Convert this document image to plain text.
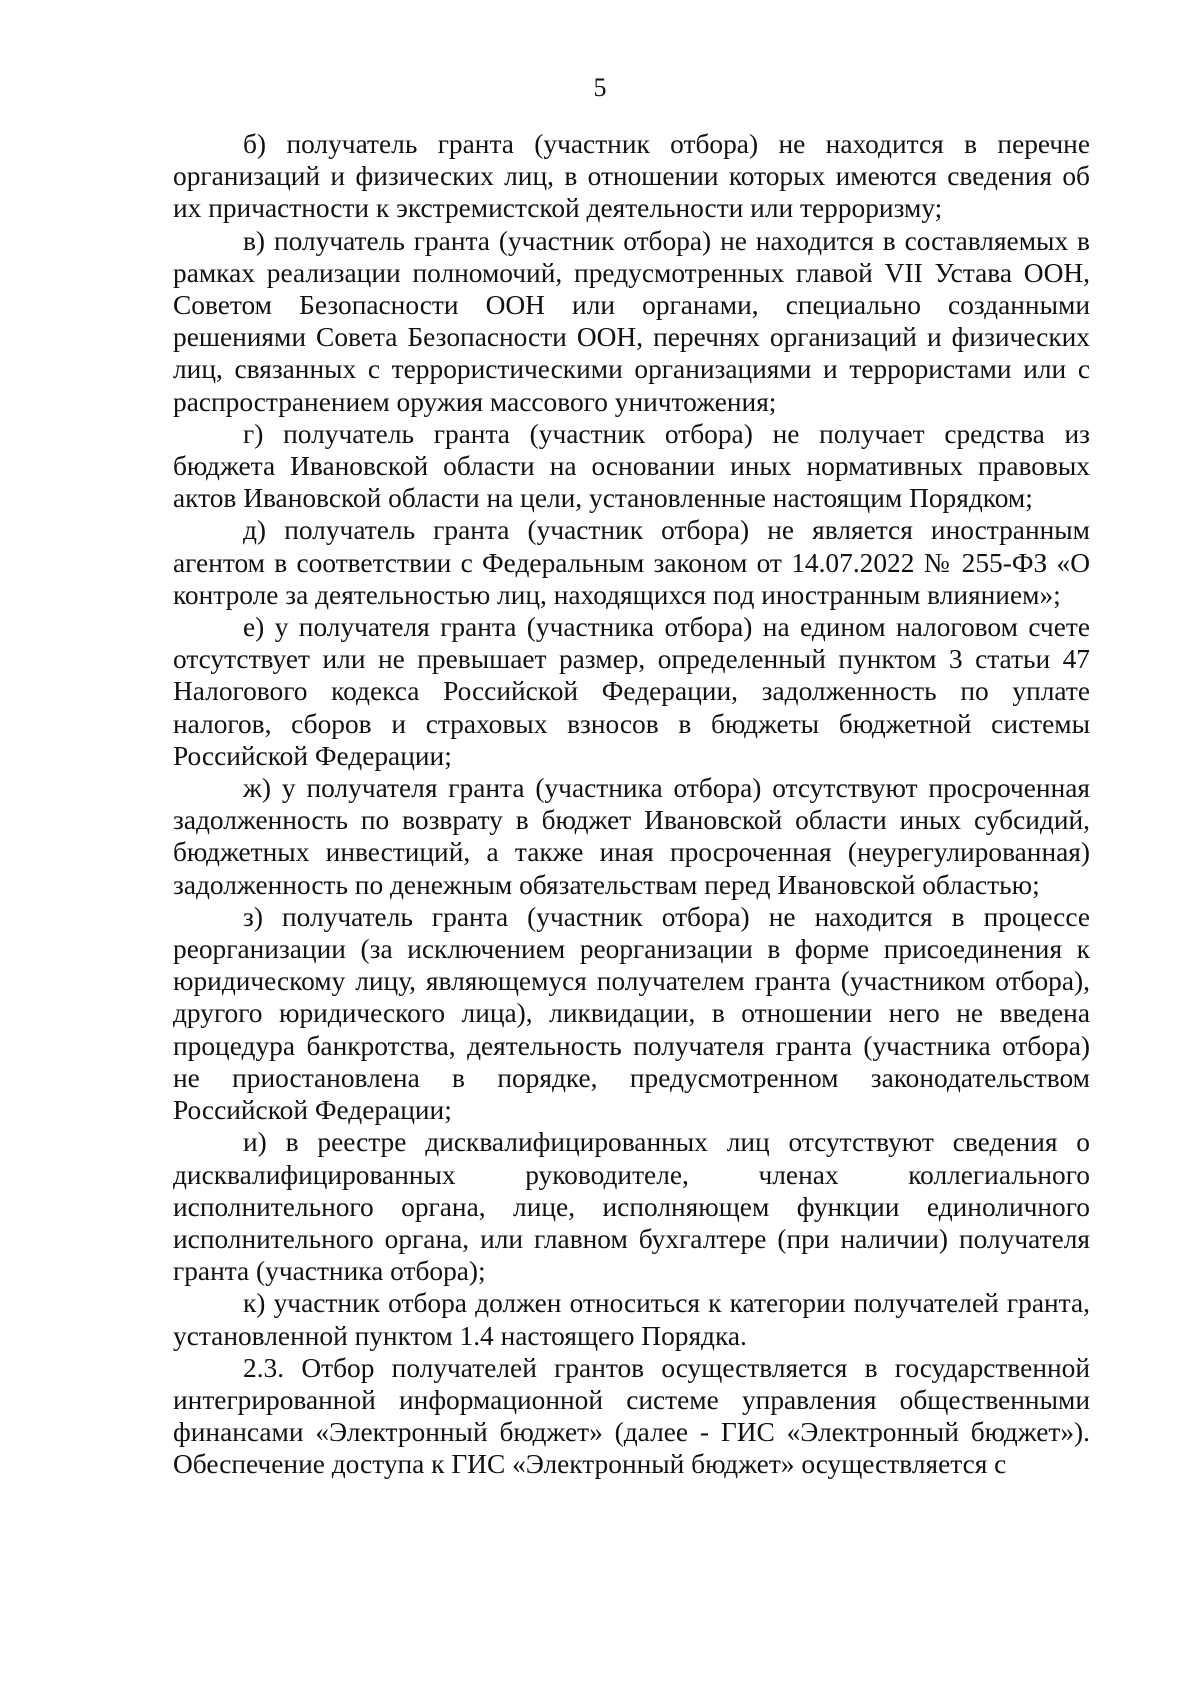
5

б) получатель гранта (участник отбора) не находится в перечне организаций и физических лиц, в отношении которых имеются сведения об их причастности к экстремистской деятельности или терроризму;

в) получатель гранта (участник отбора) не находится в составляемых в рамках реализации полномочий, предусмотренных главой VII Устава ООН, Советом Безопасности ООН или органами, специально созданными решениями Совета Безопасности ООН, перечнях организаций и физических лиц, связанных с террористическими организациями и террористами или с распространением оружия массового уничтожения;

г) получатель гранта (участник отбора) не получает средства из бюджета Ивановской области на основании иных нормативных правовых актов Ивановской области на цели, установленные настоящим Порядком;

д) получатель гранта (участник отбора) не является иностранным агентом в соответствии с Федеральным законом от 14.07.2022 № 255-ФЗ «О контроле за деятельностью лиц, находящихся под иностранным влиянием»;

е) у получателя гранта (участника отбора) на едином налоговом счете отсутствует или не превышает размер, определенный пунктом 3 статьи 47 Налогового кодекса Российской Федерации, задолженность по уплате налогов, сборов и страховых взносов в бюджеты бюджетной системы Российской Федерации;

ж) у получателя гранта (участника отбора) отсутствуют просроченная задолженность по возврату в бюджет Ивановской области иных субсидий, бюджетных инвестиций, а также иная просроченная (неурегулированная) задолженность по денежным обязательствам перед Ивановской областью;

з) получатель гранта (участник отбора) не находится в процессе реорганизации (за исключением реорганизации в форме присоединения к юридическому лицу, являющемуся получателем гранта (участником отбора), другого юридического лица), ликвидации, в отношении него не введена процедура банкротства, деятельность получателя гранта (участника отбора) не приостановлена в порядке, предусмотренном законодательством Российской Федерации;

и) в реестре дисквалифицированных лиц отсутствуют сведения о дисквалифицированных руководителе, членах коллегиального исполнительного органа, лице, исполняющем функции единоличного исполнительного органа, или главном бухгалтере (при наличии) получателя гранта (участника отбора);

к) участник отбора должен относиться к категории получателей гранта, установленной пунктом 1.4 настоящего Порядка.

2.3. Отбор получателей грантов осуществляется в государственной интегрированной информационной системе управления общественными финансами «Электронный бюджет» (далее - ГИС «Электронный бюджет»). Обеспечение доступа к ГИС «Электронный бюджет» осуществляется с
